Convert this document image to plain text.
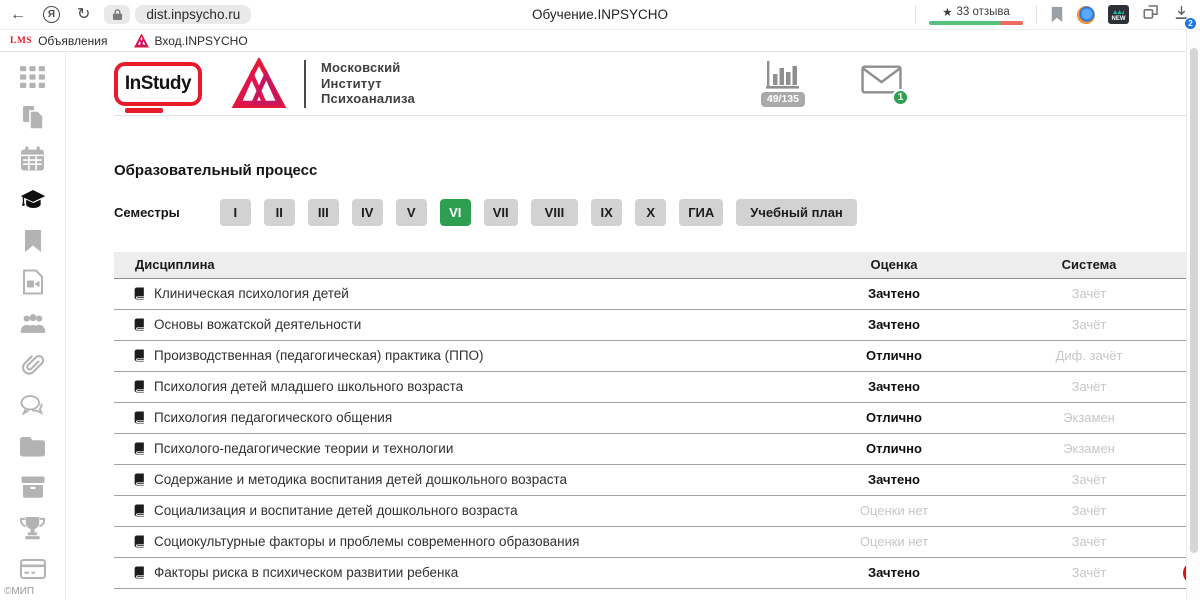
←	Я	↻	dist.inpsycho.ru	Обучение.INPSYCHO	★ 33 отзыва
NEW	2
LMS Объявления	Вход.INPSYCHO
©МИП
InStudy
Московский
Институт
Психоанализа	49/135	1
Образовательный процесс
Семестры	I	II	III	IV	V	VI	VII	VIII	IX	X	ГИА	Учебный план
Дисциплина	Оценка	Система

Клиническая психология детей	Зачтено	Зачёт

Основы вожатской деятельности	Зачтено	Зачёт

Производственная (педагогическая) практика (ППО)	Отлично	Диф. зачёт

Психология детей младшего школьного возраста	Зачтено	Зачёт

Психология педагогического общения	Отлично	Экзамен

Психолого-педагогические теории и технологии	Отлично	Экзамен

Содержание и методика воспитания детей дошкольного возраста	Зачтено	Зачёт

Социализация и воспитание детей дошкольного возраста	Оценки нет	Зачёт

Социокультурные факторы и проблемы современного образования	Оценки нет	Зачёт

Факторы риска в психическом развитии ребенка	Зачтено	Зачёт
